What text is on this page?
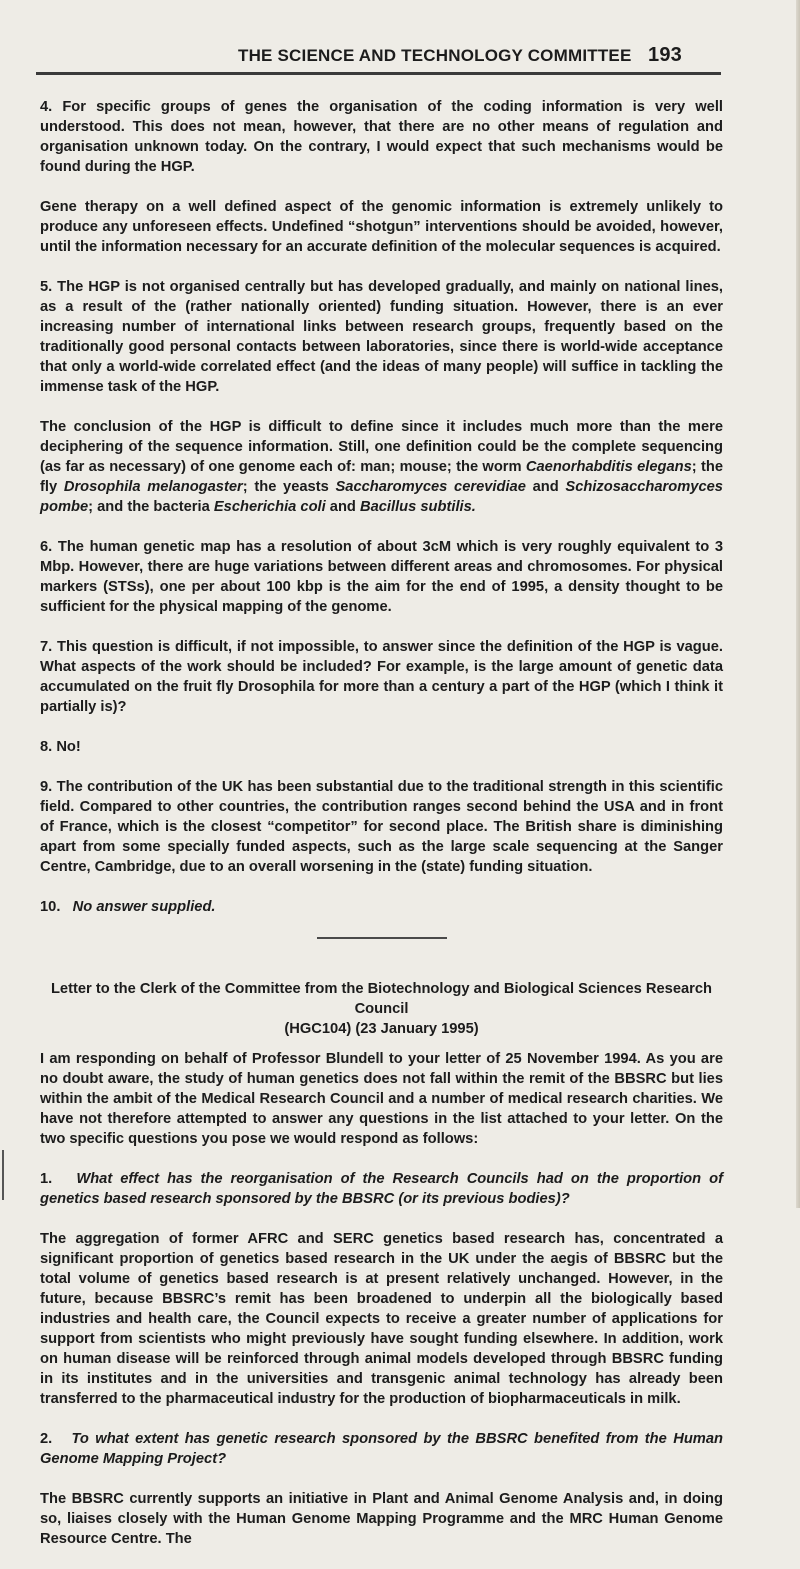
THE SCIENCE AND TECHNOLOGY COMMITTEE 193

4. For specific groups of genes the organisation of the coding information is very well understood. This does not mean, however, that there are no other means of regulation and organisation unknown today. On the contrary, I would expect that such mechanisms would be found during the HGP.

Gene therapy on a well defined aspect of the genomic information is extremely unlikely to produce any unforeseen effects. Undefined “shotgun” interventions should be avoided, however, until the information necessary for an accurate definition of the molecular sequences is acquired.

5. The HGP is not organised centrally but has developed gradually, and mainly on national lines, as a result of the (rather nationally oriented) funding situation. However, there is an ever increasing number of international links between research groups, frequently based on the traditionally good personal contacts between laboratories, since there is world-wide acceptance that only a world-wide correlated effect (and the ideas of many people) will suffice in tackling the immense task of the HGP.

The conclusion of the HGP is difficult to define since it includes much more than the mere deciphering of the sequence information. Still, one definition could be the complete sequencing (as far as necessary) of one genome each of: man; mouse; the worm Caenorhabditis elegans; the fly Drosophila melanogaster; the yeasts Saccharomyces cerevidiae and Schizosaccharomyces pombe; and the bacteria Escherichia coli and Bacillus subtilis.

6. The human genetic map has a resolution of about 3cM which is very roughly equivalent to 3 Mbp. However, there are huge variations between different areas and chromosomes. For physical markers (STSs), one per about 100 kbp is the aim for the end of 1995, a density thought to be sufficient for the physical mapping of the genome.

7. This question is difficult, if not impossible, to answer since the definition of the HGP is vague. What aspects of the work should be included? For example, is the large amount of genetic data accumulated on the fruit fly Drosophila for more than a century a part of the HGP (which I think it partially is)?

8. No!

9. The contribution of the UK has been substantial due to the traditional strength in this scientific field. Compared to other countries, the contribution ranges second behind the USA and in front of France, which is the closest “competitor” for second place. The British share is diminishing apart from some specially funded aspects, such as the large scale sequencing at the Sanger Centre, Cambridge, due to an overall worsening in the (state) funding situation.

10. No answer supplied.

Letter to the Clerk of the Committee from the Biotechnology and Biological Sciences Research Council
(HGC104) (23 January 1995)

I am responding on behalf of Professor Blundell to your letter of 25 November 1994. As you are no doubt aware, the study of human genetics does not fall within the remit of the BBSRC but lies within the ambit of the Medical Research Council and a number of medical research charities. We have not therefore attempted to answer any questions in the list attached to your letter. On the two specific questions you pose we would respond as follows:

1. What effect has the reorganisation of the Research Councils had on the proportion of genetics based research sponsored by the BBSRC (or its previous bodies)?

The aggregation of former AFRC and SERC genetics based research has, concentrated a significant proportion of genetics based research in the UK under the aegis of BBSRC but the total volume of genetics based research is at present relatively unchanged. However, in the future, because BBSRC’s remit has been broadened to underpin all the biologically based industries and health care, the Council expects to receive a greater number of applications for support from scientists who might previously have sought funding elsewhere. In addition, work on human disease will be reinforced through animal models developed through BBSRC funding in its institutes and in the universities and transgenic animal technology has already been transferred to the pharmaceutical industry for the production of biopharmaceuticals in milk.

2. To what extent has genetic research sponsored by the BBSRC benefited from the Human Genome Mapping Project?

The BBSRC currently supports an initiative in Plant and Animal Genome Analysis and, in doing so, liaises closely with the Human Genome Mapping Programme and the MRC Human Genome Resource Centre. The
